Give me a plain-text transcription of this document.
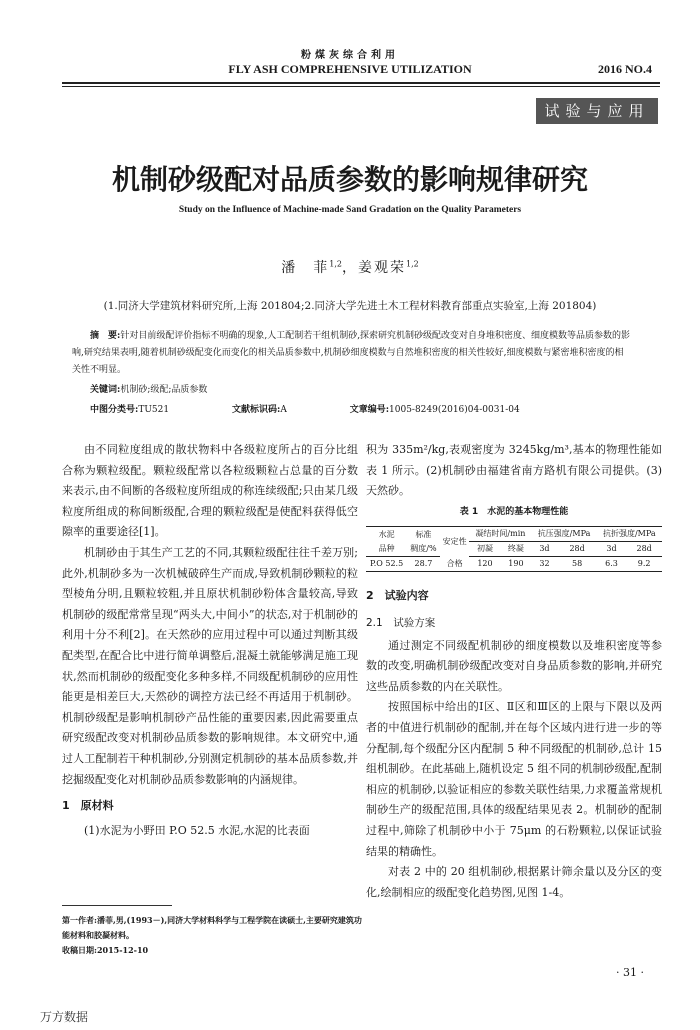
粉煤灰综合利用
FLY ASH COMPREHENSIVE UTILIZATION	2016 NO.4
试验与应用
机制砂级配对品质参数的影响规律研究
Study on the Influence of Machine-made Sand Gradation on the Quality Parameters
潘　菲$^{1,2}$，姜观荣$^{1,2}$
(1.同济大学建筑材料研究所,上海 201804;2.同济大学先进土木工程材料教育部重点实验室,上海 201804)
摘　要:针对目前级配评价指标不明确的现象,人工配制若干组机制砂,探索研究机制砂级配改变对自身堆积密度、细度模数等品质参数的影响,研究结果表明,随着机制砂级配变化而变化的相关品质参数中,机制砂细度模数与自然堆积密度的相关性较好,细度模数与紧密堆积密度的相关性不明显。
关键词:机制砂;级配;品质参数
中图分类号:TU521	文献标识码:A	文章编号:1005-8249(2016)04-0031-04

由不同粒度组成的散状物料中各级粒度所占的百分比组合称为颗粒级配。颗粒级配常以各粒级颗粒占总量的百分数来表示,由不间断的各级粒度所组成的称连续级配;只由某几级粒度所组成的称间断级配,合理的颗粒级配是使配料获得低空隙率的重要途径[1]。

机制砂由于其生产工艺的不同,其颗粒级配往往千差万别;此外,机制砂多为一次机械破碎生产而成,导致机制砂颗粒的粒型棱角分明,且颗粒较粗,并且原状机制砂粉体含量较高,导致机制砂的级配常常呈现“两头大,中间小”的状态,对于机制砂的利用十分不利[2]。在天然砂的应用过程中可以通过判断其级配类型,在配合比中进行简单调整后,混凝土就能够满足施工现状,然而机制砂的级配变化多种多样,不同级配机制砂的应用性能更是相差巨大,天然砂的调控方法已经不再适用于机制砂。机制砂级配是影响机制砂产品性能的重要因素,因此需要重点研究级配改变对机制砂品质参数的影响规律。本文研究中,通过人工配制若干种机制砂,分别测定机制砂的基本品质参数,并挖掘级配变化对机制砂品质参数影响的内涵规律。

1　原材料

(1)水泥为小野田 P.O 52.5 水泥,水泥的比表面

积为 335m²/kg,表观密度为 3245kg/m³,基本的物理性能如表 1 所示。(2)机制砂由福建省南方路机有限公司提供。(3)天然砂。

表 1　水泥的基本物理性能
水泥	标准	安定性	凝结时间/min		抗压强度/MPa		抗折强度/MPa	
品种	稠度/%		初凝	终凝	3d	28d	3d	28d
P.O 52.5	28.7	合格	120	190	32	58	6.3	9.2
2　试验内容
2.1　试验方案

通过测定不同级配机制砂的细度模数以及堆积密度等参数的改变,明确机制砂级配改变对自身品质参数的影响,并研究这些品质参数的内在关联性。

按照国标中给出的Ⅰ区、Ⅱ区和Ⅲ区的上限与下限以及两者的中值进行机制砂的配制,并在每个区域内进行进一步的等分配制,每个级配分区内配制 5 种不同级配的机制砂,总计 15 组机制砂。在此基础上,随机设定 5 组不同的机制砂级配,配制相应的机制砂,以验证相应的参数关联性结果,力求覆盖常规机制砂生产的级配范围,具体的级配结果见表 2。机制砂的配制过程中,筛除了机制砂中小于 75μm 的石粉颗粒,以保证试验结果的精确性。

对表 2 中的 20 组机制砂,根据累计筛余量以及分区的变化,绘制相应的级配变化趋势图,见图 1-4。

第一作者:潘菲,男,(1993－),同济大学材料科学与工程学院在读硕士,主要研究建筑功能材料和胶凝材料。
收稿日期:2015-12-10
· 31 ·
万方数据
